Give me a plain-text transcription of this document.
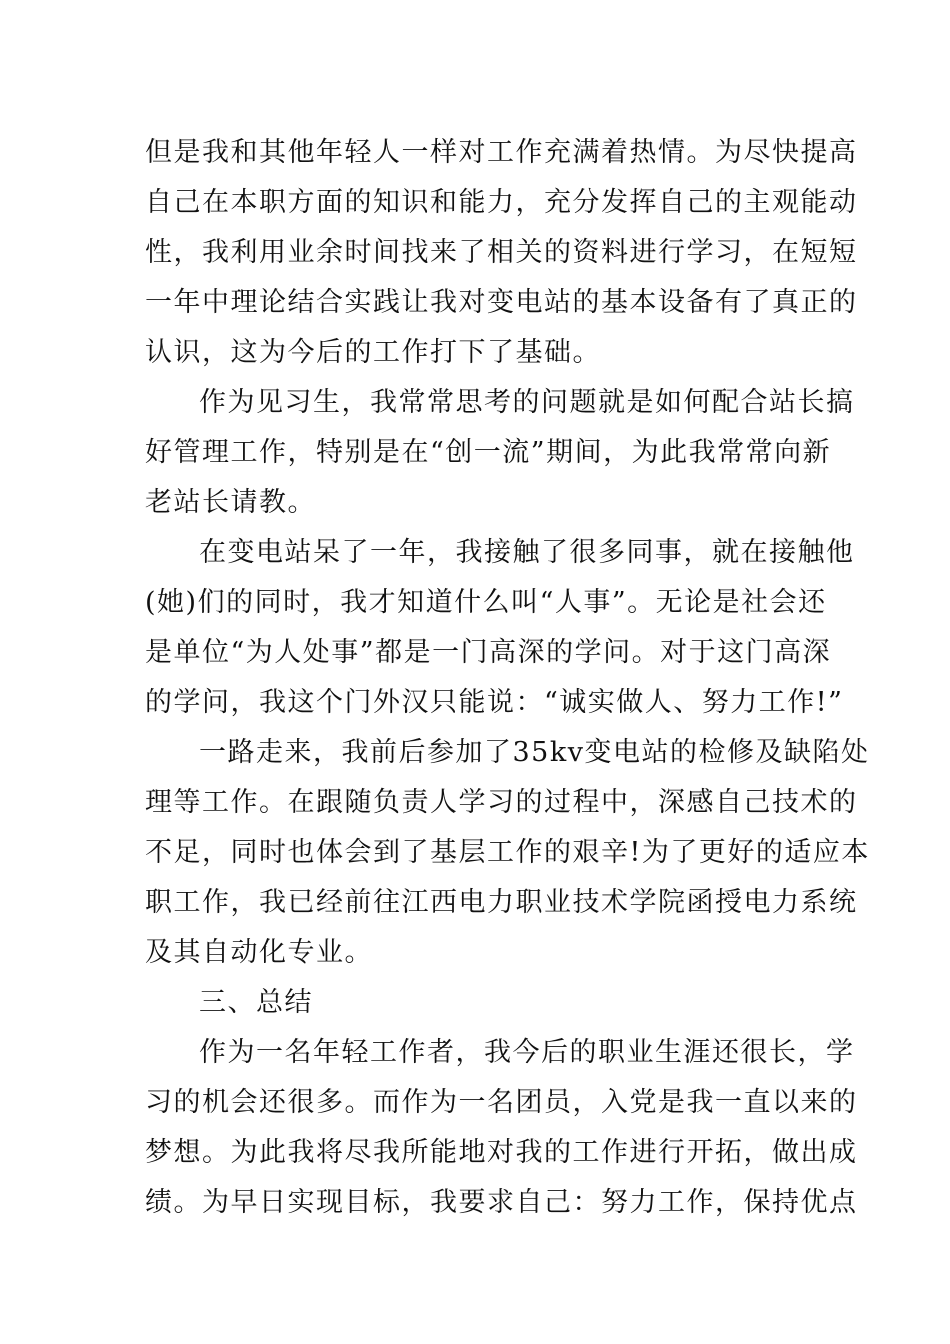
但是我和其他年轻人一样对工作充满着热情。为尽快提高
自己在本职方面的知识和能力，充分发挥自己的主观能动
性，我利用业余时间找来了相关的资料进行学习，在短短
一年中理论结合实践让我对变电站的基本设备有了真正的
认识，这为今后的工作打下了基础。
作为见习生，我常常思考的问题就是如何配合站长搞
好管理工作，特别是在“创一流”期间，为此我常常向新
老站长请教。
在变电站呆了一年，我接触了很多同事，就在接触他
(她)们的同时，我才知道什么叫“人事”。无论是社会还
是单位“为人处事”都是一门高深的学问。对于这门高深
的学问，我这个门外汉只能说：“诚实做人、努力工作!”
一路走来，我前后参加了35kv变电站的检修及缺陷处
理等工作。在跟随负责人学习的过程中，深感自己技术的
不足，同时也体会到了基层工作的艰辛!为了更好的适应本
职工作，我已经前往江西电力职业技术学院函授电力系统
及其自动化专业。
三、总结
作为一名年轻工作者，我今后的职业生涯还很长，学
习的机会还很多。而作为一名团员，入党是我一直以来的
梦想。为此我将尽我所能地对我的工作进行开拓，做出成
绩。为早日实现目标，我要求自己：努力工作，保持优点
